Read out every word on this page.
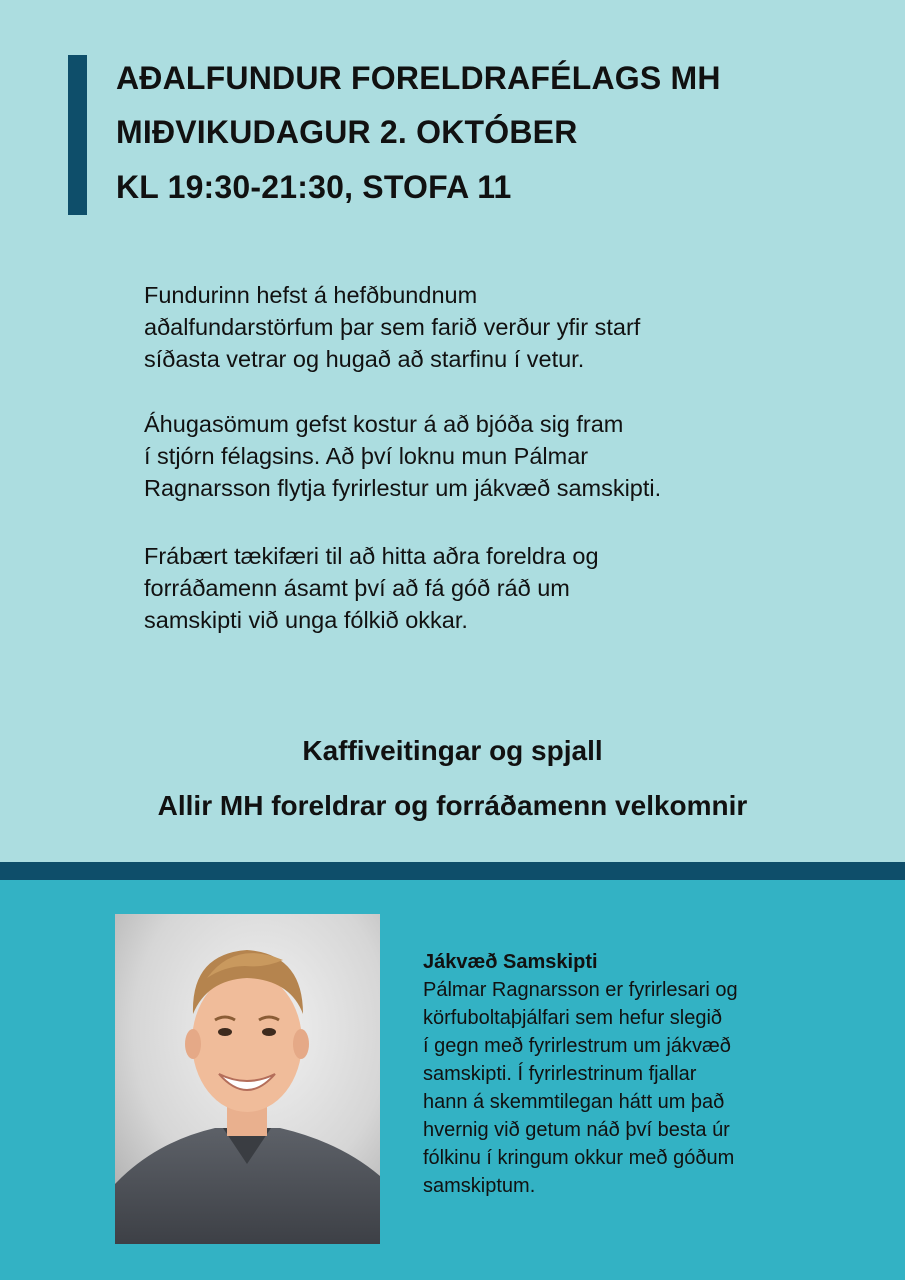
AÐALFUNDUR FORELDRAFÉLAGS MH
MIÐVIKUDAGUR 2. OKTÓBER
KL 19:30-21:30, STOFA 11
Fundurinn hefst á hefðbundnum
aðalfundarstörfum þar sem farið verður yfir starf
síðasta vetrar og hugað að starfinu í vetur.
Áhugasömum gefst kostur á að bjóða sig fram
í stjórn félagsins. Að því loknu mun Pálmar
Ragnarsson flytja fyrirlestur um jákvæð samskipti.
Frábært tækifæri til að hitta aðra foreldra og
forráðamenn ásamt því að fá góð ráð um
samskipti við unga fólkið okkar.
Kaffiveitingar og spjall
Allir MH foreldrar og forráðamenn velkomnir
Jákvæð Samskipti
Pálmar Ragnarsson er fyrirlesari og
körfuboltaþjálfari sem hefur slegið
í gegn með fyrirlestrum um jákvæð
samskipti. Í fyrirlestrinum fjallar
hann á skemmtilegan hátt um það
hvernig við getum náð því besta úr
fólkinu í kringum okkur með góðum
samskiptum.
